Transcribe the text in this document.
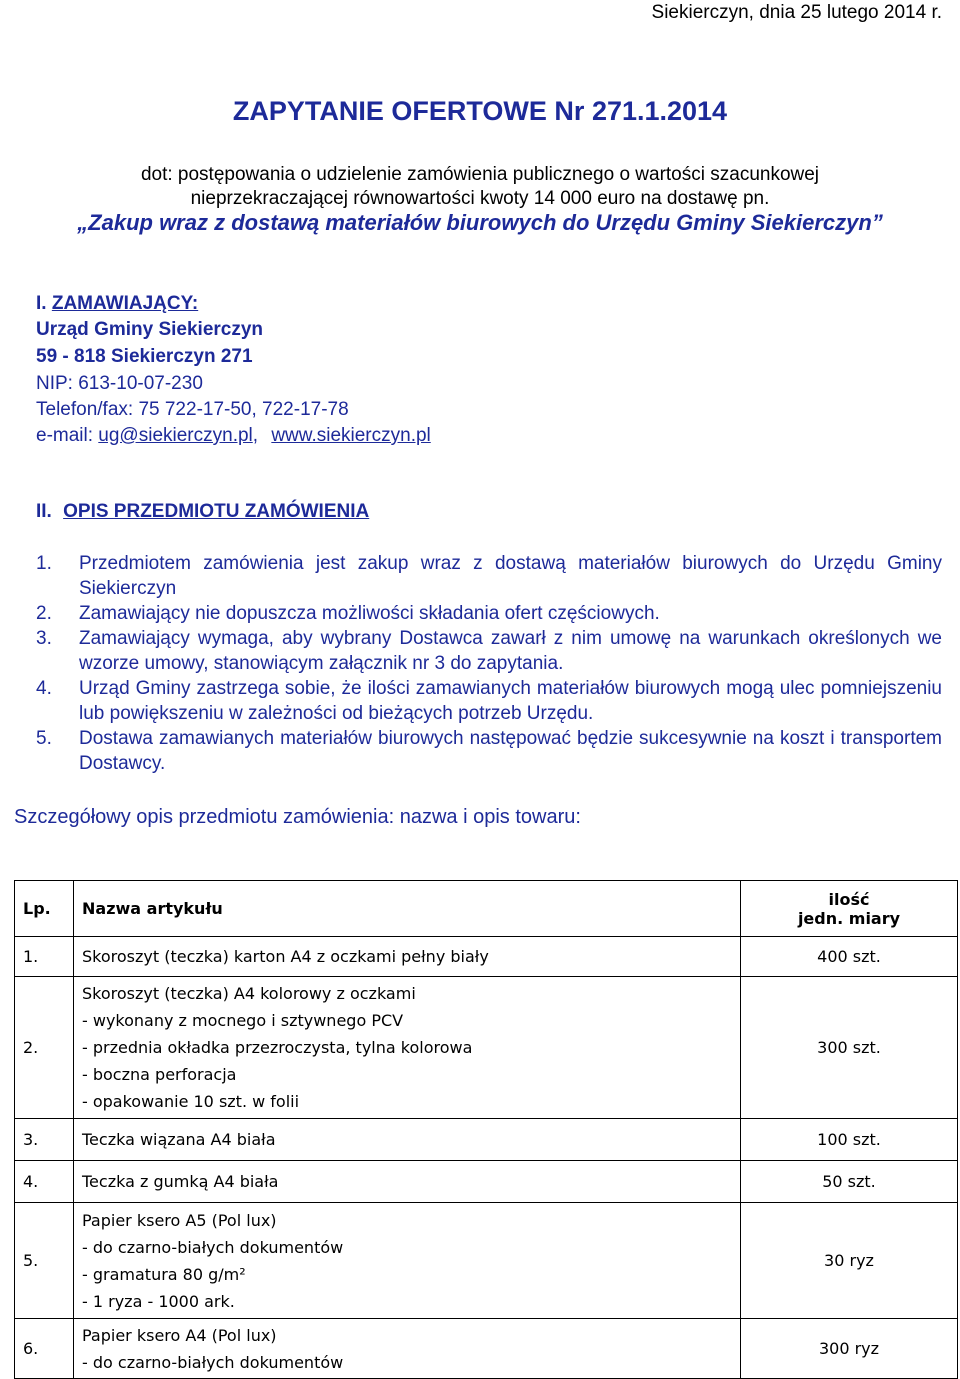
Siekierczyn, dnia 25 lutego 2014 r.
ZAPYTANIE OFERTOWE Nr 271.1.2014
dot: postępowania o udzielenie zamówienia publicznego o wartości szacunkowej
nieprzekraczającej równowartości kwoty 14 000 euro na dostawę pn.
„Zakup wraz z dostawą materiałów biurowych do Urzędu Gminy Siekierczyn”
I. ZAMAWIAJĄCY:
Urząd Gminy Siekierczyn
59 - 818 Siekierczyn 271
NIP: 613-10-07-230
Telefon/fax: 75 722-17-50, 722-17-78
e-mail: ug@siekierczyn.pl, www.siekierczyn.pl
II. OPIS PRZEDMIOTU ZAMÓWIENIA
1.	Przedmiotem zamówienia jest zakup wraz z dostawą materiałów biurowych do Urzędu Gminy Siekierczyn
2.	Zamawiający nie dopuszcza możliwości składania ofert częściowych.
3.	Zamawiający wymaga, aby wybrany Dostawca zawarł z nim umowę na warunkach określonych we wzorze umowy, stanowiącym załącznik nr 3 do zapytania.
4.	Urząd Gminy zastrzega sobie, że ilości zamawianych materiałów biurowych mogą ulec pomniejszeniu lub powiększeniu w zależności od bieżących potrzeb Urzędu.
5.	Dostawa zamawianych materiałów biurowych następować będzie sukcesywnie na koszt i transportem Dostawcy.
Szczegółowy opis przedmiotu zamówienia: nazwa i opis towaru:
Lp.	Nazwa artykułu	ilość
jedn. miary

1.	Skoroszyt (teczka) karton A4 z oczkami pełny biały	400 szt.
2.	Skoroszyt (teczka) A4 kolorowy z oczkami
- wykonany z mocnego i sztywnego PCV
- przednia okładka przezroczysta, tylna kolorowa
- boczna perforacja
- opakowanie 10 szt. w folii	300 szt.
3.	Teczka wiązana A4 biała	100 szt.
4.	Teczka z gumką A4 biała	50 szt.
5.	Papier ksero A5 (Pol lux)
- do czarno-białych dokumentów
- gramatura 80 g/m²
- 1 ryza - 1000 ark.	30 ryz
6.	Papier ksero A4 (Pol lux)
- do czarno-białych dokumentów	300 ryz
